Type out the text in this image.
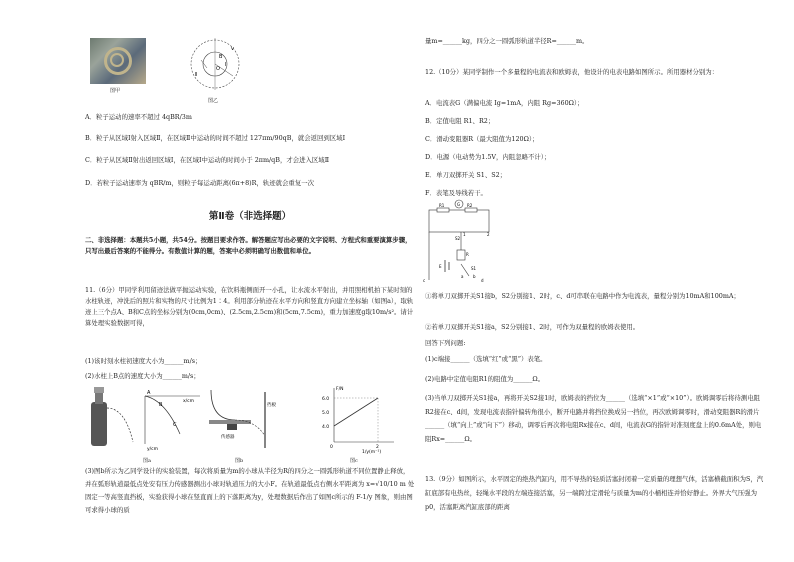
图甲
v
B
Ⅰ
Ⅱ
O
图乙
A．粒子运动的速率不超过 4qBR/3m
B．粒子从区域Ⅰ射入区域Ⅱ，在区域Ⅱ中运动的时间不超过 127πm/90qB，就会返回到区域Ⅰ
C．粒子从区域Ⅱ射出返回区域Ⅰ，在区域Ⅰ中运动的时间小于 2πm/qB，才会进入区域Ⅱ
D．若粒子运动速率为 qBR/m，则粒子每运动距离(6π+8)R，轨迹就会重复一次
第Ⅱ卷（非选择题）
二、非选择题：本题共5小题，共54分。按题目要求作答。解答题应写出必要的文字说明、方程式和重要演算步骤，只写出最后答案的不能得分。有数值计算的题，答案中必须明确写出数值和单位。
11.（6分）甲同学利用留迹法做平抛运动实验，在饮料瓶侧面开一小孔，让水流水平射出，并用照相机拍下某时刻的水柱轨迹，冲洗后的照片和实物的尺寸比例为1∶4。利用部分轨迹在水平方向和竖直方向建立坐标轴（如图a），取轨迹上三个点A、B和C点的坐标分别为(0cm,0cm)、(2.5cm,2.5cm)和(5cm,7.5cm)，重力加速度g取10m/s²。请计算处理实验数据可得，
(1)该时刻水柱初速度大小为______m/s；
(2)水柱上B点的速度大小为______m/s；
A
B
C
x/cm
y/cm
图a
传感器
挡板
图b
F/N
6.0
5.0
4.0
0	2
1/y(m⁻¹)
图c
(3)图b所示为乙同学设计的实验装置，每次将质量为m的小球从半径为R的四分之一圆弧形轨道不同位置静止释放，并在弧形轨道最低点处安有压力传感器测出小球对轨道压力的大小F。在轨道最低点右侧水平距离为 x=√10/10 m 处固定一等高竖直挡板，实验获得小球在竖直面上的下落距离为y，处理数据后作出了如图c所示的 F-1/y 图象，则由图可求得小球的质
量m=______kg，四分之一圆弧形轨道半径R=______m。
12.（10分）某同学制作一个多量程的电流表和欧姆表，他设计的电表电路如图所示。所用器材分别为：
A．电流表G（满偏电流 Ig=1mA，内阻 Rg=360Ω）；
B．定值电阻 R1、R2；
C．滑动变阻器R（最大阻值为120Ω）；
D．电源（电动势为1.5V，内阻忽略不计）；
E．单刀双掷开关 S1、S2；
F．表笔及导线若干。
R1	G R2
S2
1	2
R
E	S1
a b
c	d
①将单刀双掷开关S1接b，S2分别接1、2时，c、d可串联在电路中作为电流表，量程分别为10mA和100mA；
②若单刀双掷开关S1接a，S2分别接1、2时，可作为双量程的欧姆表使用。
回答下列问题:
(1)c端接______（选填“红”或“黑”）表笔。
(2)电路中定值电阻R1的阻值为______Ω。
(3)当单刀双掷开关S1接a，再将开关S2接1时，欧姆表的挡位为______（选填“×1”或“×10”）。欧姆调零后将待测电阻R2接在c、d间，发现电流表指针偏转角很小，断开电路并将挡位换成另一挡位，再次欧姆调零时，滑动变阻器R的滑片______（填“向上”或“向下”）移动，调零后再次将电阻Rx接在c、d间，电流表G的指针对准刻度盘上的0.6mA处，则电阻Rx=______Ω。
13.（9分）如图所示，水平固定的绝热汽缸内，用不导热的轻质活塞封闭着一定质量的理想气体，活塞横截面积为S，汽缸底部有电热丝，轻绳水平段的左端连接活塞，另一端跨过定滑轮与质量为m的小桶相连并恰好静止。外界大气压强为p0，活塞距离汽缸底部的距离
